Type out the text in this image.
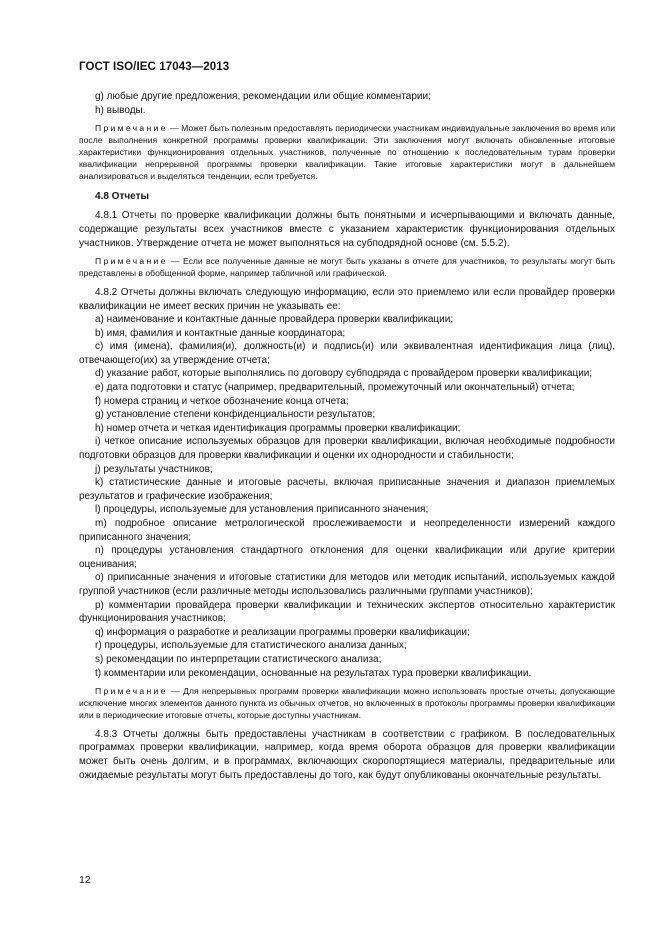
ГОСТ ISO/IEC 17043—2013

g) любые другие предложения, рекомендации или общие комментарии;

h) выводы.

Примечание — Может быть полезным предоставлять периодически участникам индивидуальные заключения во время или после выполнения конкретной программы проверки квалификации. Эти заключения могут включать обновленные итоговые характеристики функционирования отдельных участников, полученные по отношению к последовательным турам проверки квалификации непрерывной программы проверки квалификации. Такие итоговые характеристики могут в дальнейшем анализироваться и выделяться тенденции, если требуется.

4.8 Отчеты

4.8.1 Отчеты по проверке квалификации должны быть понятными и исчерпывающими и включать данные, содержащие результаты всех участников вместе с указанием характеристик функционирования отдельных участников. Утверждение отчета не может выполняться на субподрядной основе (см. 5.5.2).

Примечание — Если все полученные данные не могут быть указаны в отчете для участников, то результаты могут быть представлены в обобщенной форме, например табличной или графической.

4.8.2 Отчеты должны включать следующую информацию, если это приемлемо или если провайдер проверки квалификации не имеет веских причин не указывать ее:

a) наименование и контактные данные провайдера проверки квалификации;

b) имя, фамилия и контактные данные координатора;

c) имя (имена), фамилия(и), должность(и) и подпись(и) или эквивалентная идентификация лица (лиц), отвечающего(их) за утверждение отчета;

d) указание работ, которые выполнялись по договору субподряда с провайдером проверки квалификации;

e) дата подготовки и статус (например, предварительный, промежуточный или окончательный) отчета;

f) номера страниц и четкое обозначение конца отчета;

g) установление степени конфиденциальности результатов;

h) номер отчета и четкая идентификация программы проверки квалификации;

i) четкое описание используемых образцов для проверки квалификации, включая необходимые подробности подготовки образцов для проверки квалификации и оценки их однородности и стабильности;

j) результаты участников;

k) статистические данные и итоговые расчеты, включая приписанные значения и диапазон приемлемых результатов и графические изображения;

l) процедуры, используемые для установления приписанного значения;

m) подробное описание метрологической прослеживаемости и неопределенности измерений каждого приписанного значения;

n) процедуры установления стандартного отклонения для оценки квалификации или другие критерии оценивания;

o) приписанные значения и итоговые статистики для методов или методик испытаний, используемых каждой группой участников (если различные методы использовались различными группами участников);

p) комментарии провайдера проверки квалификации и технических экспертов относительно характеристик функционирования участников;

q) информация о разработке и реализации программы проверки квалификации;

r) процедуры, используемые для статистического анализа данных;

s) рекомендации по интерпретации статистического анализа;

t) комментарии или рекомендации, основанные на результатах тура проверки квалификации.

Примечание — Для непрерывных программ проверки квалификации можно использовать простые отчеты, допускающие исключение многих элементов данного пункта из обычных отчетов, но включенных в протоколы программы проверки квалификации или в периодические итоговые отчеты, которые доступны участникам.

4.8.3 Отчеты должны быть предоставлены участникам в соответствии с графиком. В последовательных программах проверки квалификации, например, когда время оборота образцов для проверки квалификации может быть очень долгим, и в программах, включающих скоропортящиеся материалы, предварительные или ожидаемые результаты могут быть предоставлены до того, как будут опубликованы окончательные результаты.

12
